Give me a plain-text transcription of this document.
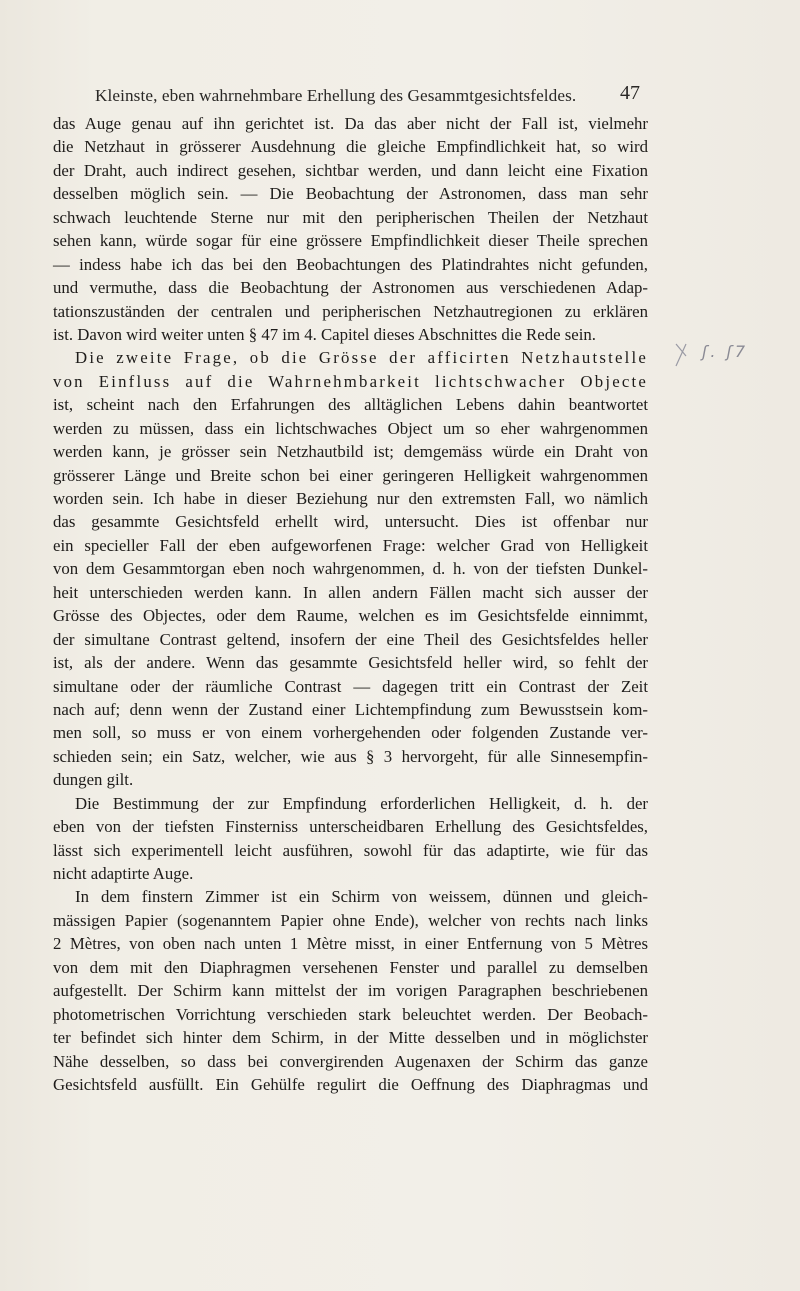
Kleinste, eben wahrnehmbare Erhellung des Gesammtgesichtsfeldes. 47
ʃ. ʃ7
das Auge genau auf ihn gerichtet ist. Da das aber nicht der Fall ist, vielmehr
die Netzhaut in grösserer Ausdehnung die gleiche Empfindlichkeit hat, so wird
der Draht, auch indirect gesehen, sichtbar werden, und dann leicht eine Fixation
desselben möglich sein. — Die Beobachtung der Astronomen, dass man sehr
schwach leuchtende Sterne nur mit den peripherischen Theilen der Netzhaut
sehen kann, würde sogar für eine grössere Empfindlichkeit dieser Theile sprechen
— indess habe ich das bei den Beobachtungen des Platindrahtes nicht gefunden,
und vermuthe, dass die Beobachtung der Astronomen aus verschiedenen Adap-
tationszuständen der centralen und peripherischen Netzhautregionen zu erklären
ist. Davon wird weiter unten § 47 im 4. Capitel dieses Abschnittes die Rede sein.
Die zweite Frage, ob die Grösse der afficirten Netzhautstelle
von Einfluss auf die Wahrnehmbarkeit lichtschwacher Objecte
ist, scheint nach den Erfahrungen des alltäglichen Lebens dahin beantwortet
werden zu müssen, dass ein lichtschwaches Object um so eher wahrgenommen
werden kann, je grösser sein Netzhautbild ist; demgemäss würde ein Draht von
grösserer Länge und Breite schon bei einer geringeren Helligkeit wahrgenommen
worden sein. Ich habe in dieser Beziehung nur den extremsten Fall, wo nämlich
das gesammte Gesichtsfeld erhellt wird, untersucht. Dies ist offenbar nur
ein specieller Fall der eben aufgeworfenen Frage: welcher Grad von Helligkeit
von dem Gesammtorgan eben noch wahrgenommen, d. h. von der tiefsten Dunkel-
heit unterschieden werden kann. In allen andern Fällen macht sich ausser der
Grösse des Objectes, oder dem Raume, welchen es im Gesichtsfelde einnimmt,
der simultane Contrast geltend, insofern der eine Theil des Gesichtsfeldes heller
ist, als der andere. Wenn das gesammte Gesichtsfeld heller wird, so fehlt der
simultane oder der räumliche Contrast — dagegen tritt ein Contrast der Zeit
nach auf; denn wenn der Zustand einer Lichtempfindung zum Bewusstsein kom-
men soll, so muss er von einem vorhergehenden oder folgenden Zustande ver-
schieden sein; ein Satz, welcher, wie aus § 3 hervorgeht, für alle Sinnesempfin-
dungen gilt.
Die Bestimmung der zur Empfindung erforderlichen Helligkeit, d. h. der
eben von der tiefsten Finsterniss unterscheidbaren Erhellung des Gesichtsfeldes,
lässt sich experimentell leicht ausführen, sowohl für das adaptirte, wie für das
nicht adaptirte Auge.
In dem finstern Zimmer ist ein Schirm von weissem, dünnen und gleich-
mässigen Papier (sogenanntem Papier ohne Ende), welcher von rechts nach links
2 Mètres, von oben nach unten 1 Mètre misst, in einer Entfernung von 5 Mètres
von dem mit den Diaphragmen versehenen Fenster und parallel zu demselben
aufgestellt. Der Schirm kann mittelst der im vorigen Paragraphen beschriebenen
photometrischen Vorrichtung verschieden stark beleuchtet werden. Der Beobach-
ter befindet sich hinter dem Schirm, in der Mitte desselben und in möglichster
Nähe desselben, so dass bei convergirenden Augenaxen der Schirm das ganze
Gesichtsfeld ausfüllt. Ein Gehülfe regulirt die Oeffnung des Diaphragmas und
